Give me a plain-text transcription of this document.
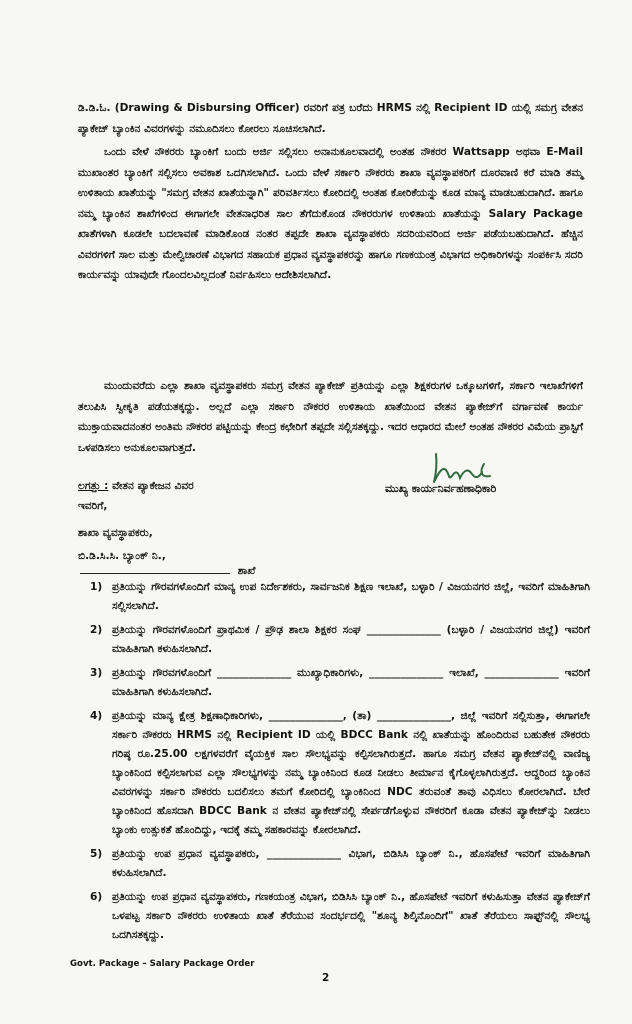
ಡಿ.ಡಿ.ಓ. (Drawing & Disbursing Officer) ರವರಿಗೆ ಪತ್ರ ಬರೆದು HRMS ನಲ್ಲಿ Recipient ID ಯಲ್ಲಿ ಸಮಗ್ರ ವೇತನ ಪ್ಯಾಕೇಜ್ ಬ್ಯಾಂಕಿನ ವಿವರಗಳನ್ನು ನಮೂದಿಸಲು ಕೋರಲು ಸೂಚಿಸಲಾಗಿದೆ.

ಒಂದು ವೇಳೆ ನೌಕರರು ಬ್ಯಾಂಕಿಗೆ ಬಂದು ಅರ್ಜಿ ಸಲ್ಲಿಸಲು ಅನಾನುಕೂಲವಾದಲ್ಲಿ ಅಂತಹ ನೌಕರರ Wattsapp ಅಥವಾ E-Mail ಮುಖಾಂತರ ಬ್ಯಾಂಕಿಗೆ ಸಲ್ಲಿಸಲು ಅವಕಾಶ ಒದಗಿಸಲಾಗಿದೆ. ಒಂದು ವೇಳೆ ಸರ್ಕಾರಿ ನೌಕರರು ಶಾಖಾ ವ್ಯವಸ್ಥಾಪಕರಿಗೆ ದೂರವಾಣಿ ಕರೆ ಮಾಡಿ ತಮ್ಮ ಉಳಿತಾಯ ಖಾತೆಯನ್ನು "ಸಮಗ್ರ ವೇತನ ಖಾತೆಯನ್ನಾಗಿ" ಪರಿವರ್ತಿಸಲು ಕೋರಿದಲ್ಲಿ ಅಂತಹ ಕೋರಿಕೆಯನ್ನು ಕೂಡ ಮಾನ್ಯ ಮಾಡಬಹುದಾಗಿದೆ. ಹಾಗೂ ನಮ್ಮ ಬ್ಯಾಂಕಿನ ಶಾಖೆಗಳಿಂದ ಈಗಾಗಲೇ ವೇತನಾಧರಿತ ಸಾಲ ತೆಗೆದುಕೊಂಡ ನೌಕರರುಗಳ ಉಳಿತಾಯ ಖಾತೆಯನ್ನು Salary Package ಖಾತೆಗಳಾಗಿ ಕೂಡಲೇ ಬದಲಾವಣೆ ಮಾಡಿಕೊಂಡ ನಂತರ ತಪ್ಪದೇ ಶಾಖಾ ವ್ಯವಸ್ಥಾಪಕರು ಸದರಿಯವರಿಂದ ಅರ್ಜಿ ಪಡೆಯಬಹುದಾಗಿದೆ. ಹೆಚ್ಚಿನ ವಿವರಗಳಿಗೆ ಸಾಲ ಮತ್ತು ಮೇಲ್ವಿಚಾರಣೆ ವಿಭಾಗದ ಸಹಾಯಕ ಪ್ರಧಾನ ವ್ಯವಸ್ಥಾಪಕರನ್ನು ಹಾಗೂ ಗಣಕಯಂತ್ರ ವಿಭಾಗದ ಅಧಿಕಾರಿಗಳನ್ನು ಸಂಪರ್ಕಿಸಿ ಸದರಿ ಕಾರ್ಯವನ್ನು ಯಾವುದೇ ಗೊಂದಲವಿಲ್ಲದಂತೆ ನಿರ್ವಹಿಸಲು ಆದೇಶಿಸಲಾಗಿದೆ.

ಮುಂದುವರೆದು ಎಲ್ಲಾ ಶಾಖಾ ವ್ಯವಸ್ಥಾಪಕರು ಸಮಗ್ರ ವೇತನ ಪ್ಯಾಕೇಜ್ ಪ್ರತಿಯನ್ನು ಎಲ್ಲಾ ಶಿಕ್ಷಕರುಗಳ ಒಕ್ಕೂಟಗಳಿಗೆ, ಸರ್ಕಾರಿ ಇಲಾಖೆಗಳಿಗೆ ತಲುಪಿಸಿ ಸ್ವೀಕೃತಿ ಪಡೆಯತಕ್ಕದ್ದು. ಅಲ್ಲದೆ ಎಲ್ಲಾ ಸರ್ಕಾರಿ ನೌಕರರ ಉಳಿತಾಯ ಖಾತೆಯಿಂದ ವೇತನ ಪ್ಯಾಕೇಜ್‌ಗೆ ವರ್ಗಾವಣೆ ಕಾರ್ಯ ಮುಕ್ತಾಯವಾದನಂತರ ಅಂತಿಮ ನೌಕರರ ಪಟ್ಟಿಯನ್ನು ಕೇಂದ್ರ ಕಛೇರಿಗೆ ತಪ್ಪದೇ ಸಲ್ಲಿಸತಕ್ಕದ್ದು. ಇದರ ಆಧಾರದ ಮೇಲೆ ಅಂತಹ ನೌಕರರ ವಿಮೆಯ ಪ್ರಾಸ್ಟಿಗೆ ಒಳಪಡಿಸಲು ಅನುಕೂಲವಾಗುತ್ತದೆ.

ಮುಖ್ಯ ಕಾರ್ಯನಿರ್ವಹಣಾಧಿಕಾರಿ
ಲಗತ್ತು : ವೇತನ ಪ್ಯಾಕೇಜನ ವಿವರ
ಇವರಿಗೆ,
ಶಾಖಾ ವ್ಯವಸ್ಥಾಪಕರು,
ಬಿ.ಡಿ.ಸಿ.ಸಿ. ಬ್ಯಾಂಕ್ ನಿ.,
ಶಾಖೆ
1) ಪ್ರತಿಯನ್ನು ಗೌರವಗಳೊಂದಿಗೆ ಮಾನ್ಯ ಉಪ ನಿರ್ದೇಶಕರು, ಸಾರ್ವಜನಿಕ ಶಿಕ್ಷಣ ಇಲಾಖೆ, ಬಳ್ಳಾರಿ / ವಿಜಯನಗರ ಜಿಲ್ಲೆ, ಇವರಿಗೆ ಮಾಹಿತಿಗಾಗಿ ಸಲ್ಲಿಸಲಾಗಿದೆ.
2) ಪ್ರತಿಯನ್ನು ಗೌರವಗಳೊಂದಿಗೆ ಪ್ರಾಥಮಿಕ / ಪ್ರೌಢ ಶಾಲಾ ಶಿಕ್ಷಕರ ಸಂಘ ______________ (ಬಳ್ಳಾರಿ / ವಿಜಯನಗರ ಜಿಲ್ಲೆ) ಇವರಿಗೆ ಮಾಹಿತಿಗಾಗಿ ಕಳುಹಿಸಲಾಗಿದೆ.
3) ಪ್ರತಿಯನ್ನು ಗೌರವಗಳೊಂದಿಗೆ ______________ ಮುಖ್ಯಾಧಿಕಾರಿಗಳು, ______________ ಇಲಾಖೆ, ______________ ಇವರಿಗೆ ಮಾಹಿತಿಗಾಗಿ ಕಳುಹಿಸಲಾಗಿದೆ.
4) ಪ್ರತಿಯನ್ನು ಮಾನ್ಯ ಕ್ಷೇತ್ರ ಶಿಕ್ಷಣಾಧಿಕಾರಿಗಳು, ______________, (ತಾ) ______________, ಜಿಲ್ಲೆ ಇವರಿಗೆ ಸಲ್ಲಿಸುತ್ತಾ, ಈಗಾಗಲೇ ಸರ್ಕಾರಿ ನೌಕರರು HRMS ನಲ್ಲಿ Recipient ID ಯಲ್ಲಿ BDCC Bank ನಲ್ಲಿ ಖಾತೆಯನ್ನು ಹೊಂದಿರುವ ಬಹುತೇಕ ನೌಕರರು ಗರಿಷ್ಠ ರೂ.25.00 ಲಕ್ಷಗಳವರೆಗೆ ವೈಯಕ್ತಿಕ ಸಾಲ ಸೌಲಭ್ಯವನ್ನು ಕಲ್ಪಿಸಲಾಗಿರುತ್ತದೆ. ಹಾಗೂ ಸಮಗ್ರ ವೇತನ ಪ್ಯಾಕೇಜ್‌ನಲ್ಲಿ ವಾಣಿಜ್ಯ ಬ್ಯಾಂಕಿನಿಂದ ಕಲ್ಪಿಸಲಾಗುವ ಎಲ್ಲಾ ಸೌಲಭ್ಯಗಳನ್ನು ನಮ್ಮ ಬ್ಯಾಂಕಿನಿಂದ ಕೂಡ ನೀಡಲು ತೀರ್ಮಾನ ಕೈಗೊಳ್ಳಲಾಗಿರುತ್ತದೆ. ಆದ್ದರಿಂದ ಬ್ಯಾಂಕಿನ ವಿವರಗಳನ್ನು ಸರ್ಕಾರಿ ನೌಕರರು ಬದಲಿಸಲು ತಮಗೆ ಕೋರಿದಲ್ಲಿ ಬ್ಯಾಂಕಿನಿಂದ NDC ತರುವಂತೆ ತಾವು ವಿಧಿಸಲು ಕೋರಲಾಗಿದೆ. ಬೇರೆ ಬ್ಯಾಂಕಿನಿಂದ ಹೊಸದಾಗಿ BDCC Bank ನ ವೇತನ ಪ್ಯಾಕೇಜ್‌ನಲ್ಲಿ ಸೇರ್ಪಡೆಗೊಳ್ಳುವ ನೌಕರರಿಗೆ ಕೂಡಾ ವೇತನ ಪ್ಯಾಕೇಜ್‌ನ್ನು ನೀಡಲು ಬ್ಯಾಂಕು ಉತ್ಸುಕತೆ ಹೊಂದಿದ್ದು, ಇದಕ್ಕೆ ತಮ್ಮ ಸಹಕಾರವನ್ನು ಕೋರಲಾಗಿದೆ.
5) ಪ್ರತಿಯನ್ನು ಉಪ ಪ್ರಧಾನ ವ್ಯವಸ್ಥಾಪಕರು, ______________ ವಿಭಾಗ, ಬಿಡಿಸಿಸಿ ಬ್ಯಾಂಕ್ ನಿ., ಹೊಸಪೇಟೆ ಇವರಿಗೆ ಮಾಹಿತಿಗಾಗಿ ಕಳುಹಿಸಲಾಗಿದೆ.
6) ಪ್ರತಿಯನ್ನು ಉಪ ಪ್ರಧಾನ ವ್ಯವಸ್ಥಾಪಕರು, ಗಣಕಯಂತ್ರ ವಿಭಾಗ, ಬಿಡಿಸಿಸಿ ಬ್ಯಾಂಕ್ ನಿ., ಹೊಸಪೇಟೆ ಇವರಿಗೆ ಕಳುಹಿಸುತ್ತಾ ವೇತನ ಪ್ಯಾಕೇಜ್‌ಗೆ ಒಳಪಟ್ಟ ಸರ್ಕಾರಿ ನೌಕರರು ಉಳಿತಾಯ ಖಾತೆ ತೆರೆಯುವ ಸಂದರ್ಭದಲ್ಲಿ "ಶೂನ್ಯ ಶಿಲ್ಕಿನೊಂದಿಗೆ" ಖಾತೆ ತೆರೆಯಲು ಸಾಫ್ಟ್‌ನಲ್ಲಿ ಸೌಲಭ್ಯ ಒದಗಿಸತಕ್ಕದ್ದು.
Govt. Package – Salary Package Order
2
